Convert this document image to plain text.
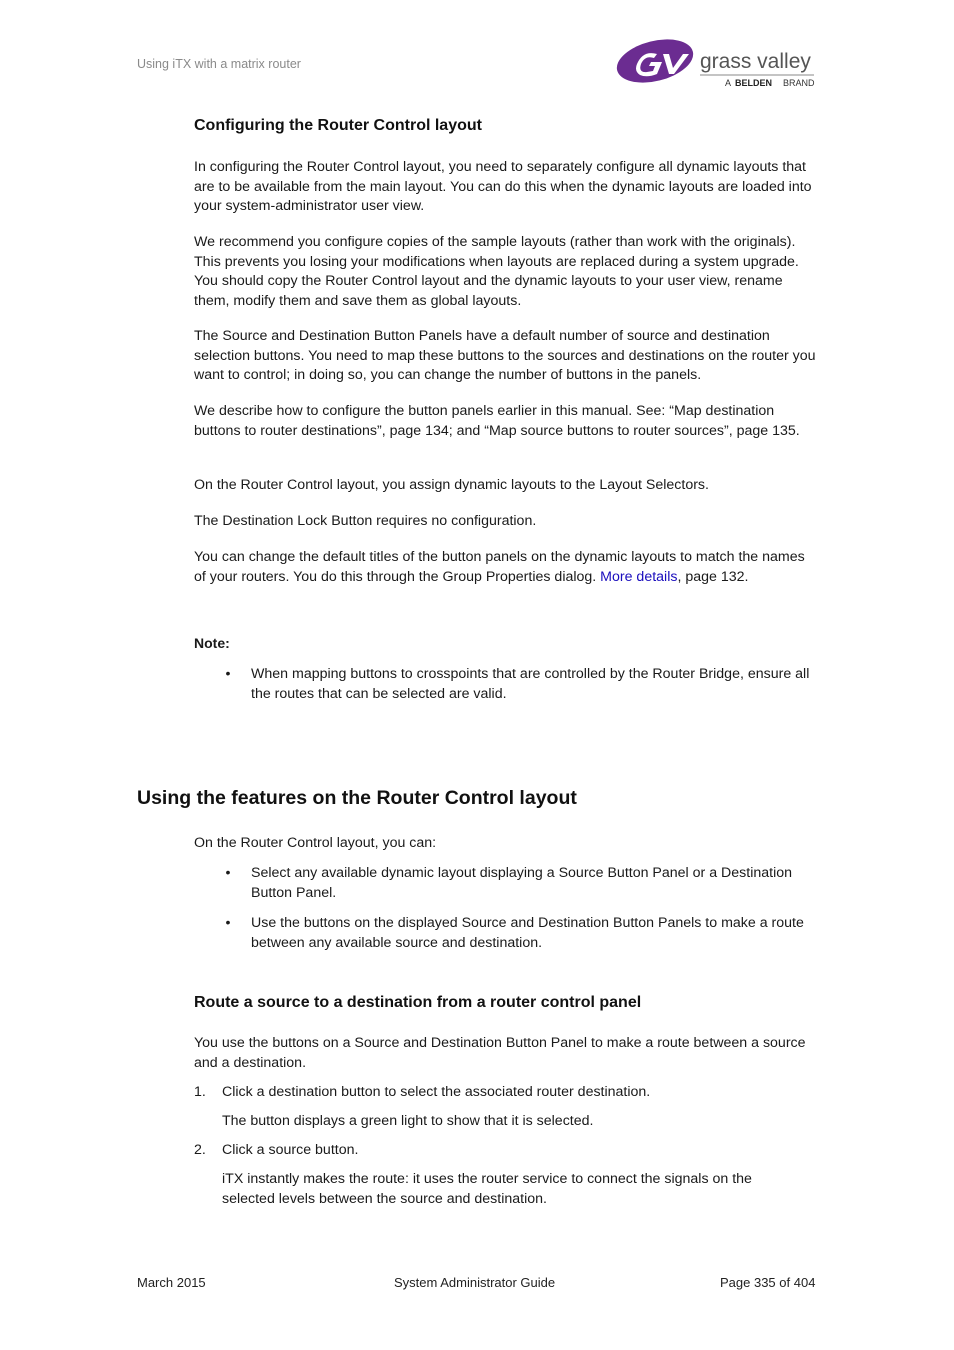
Using iTX with a matrix router	grass valley
A BELDEN BRAND
Configuring the Router Control layout
In configuring the Router Control layout, you need to separately configure all dynamic layouts that are to be available from the main layout. You can do this when the dynamic layouts are loaded into your system-administrator user view.
We recommend you configure copies of the sample layouts (rather than work with the originals). This prevents you losing your modifications when layouts are replaced during a system upgrade. You should copy the Router Control layout and the dynamic layouts to your user view, rename them, modify them and save them as global layouts.
The Source and Destination Button Panels have a default number of source and destination selection buttons. You need to map these buttons to the sources and destinations on the router you want to control; in doing so, you can change the number of buttons in the panels.
We describe how to configure the button panels earlier in this manual. See: “Map destination buttons to router destinations”, page 134; and “Map source buttons to router sources”, page 135.
On the Router Control layout, you assign dynamic layouts to the Layout Selectors.
The Destination Lock Button requires no configuration.
You can change the default titles of the button panels on the dynamic layouts to match the names of your routers. You do this through the Group Properties dialog. More details, page 132.
Note:
• When mapping buttons to crosspoints that are controlled by the Router Bridge, ensure all the routes that can be selected are valid.
Using the features on the Router Control layout
On the Router Control layout, you can:
• Select any available dynamic layout displaying a Source Button Panel or a Destination Button Panel.
• Use the buttons on the displayed Source and Destination Button Panels to make a route between any available source and destination.
Route a source to a destination from a router control panel
You use the buttons on a Source and Destination Button Panel to make a route between a source and a destination.
1. Click a destination button to select the associated router destination.
The button displays a green light to show that it is selected.
2. Click a source button.
iTX instantly makes the route: it uses the router service to connect the signals on the selected levels between the source and destination.
March 2015	System Administrator Guide	Page 335 of 404
